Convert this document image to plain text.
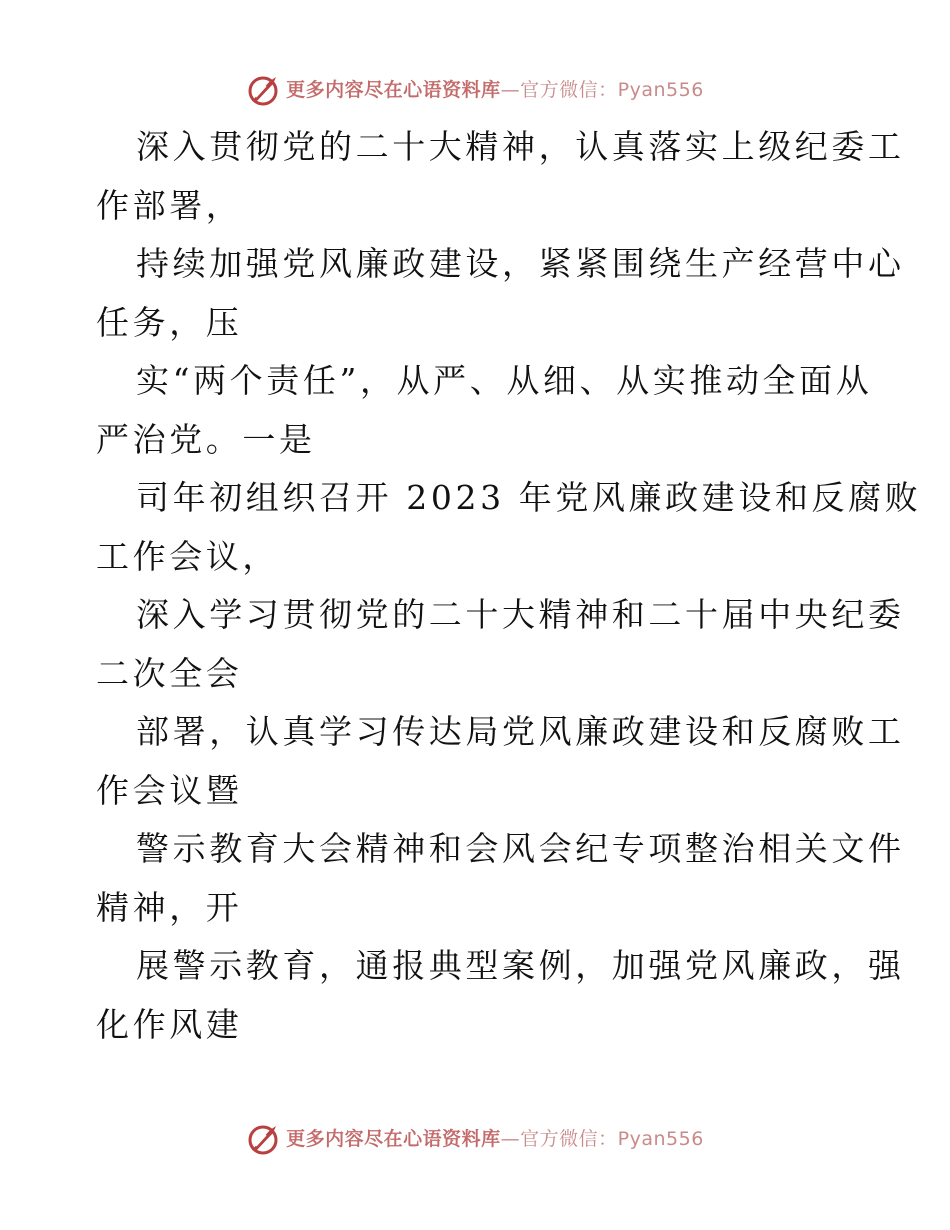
更多内容尽在心语资料库—官方微信：Pyan556
深入贯彻党的二十大精神，认真落实上级纪委工
作部署，
持续加强党风廉政建设，紧紧围绕生产经营中心
任务，压
实“两个责任”，从严、从细、从实推动全面从
严治党。一是
司年初组织召开 2023 年党风廉政建设和反腐败
工作会议，
深入学习贯彻党的二十大精神和二十届中央纪委
二次全会
部署，认真学习传达局党风廉政建设和反腐败工
作会议暨
警示教育大会精神和会风会纪专项整治相关文件
精神，开
展警示教育，通报典型案例，加强党风廉政，强
化作风建
更多内容尽在心语资料库—官方微信：Pyan556
